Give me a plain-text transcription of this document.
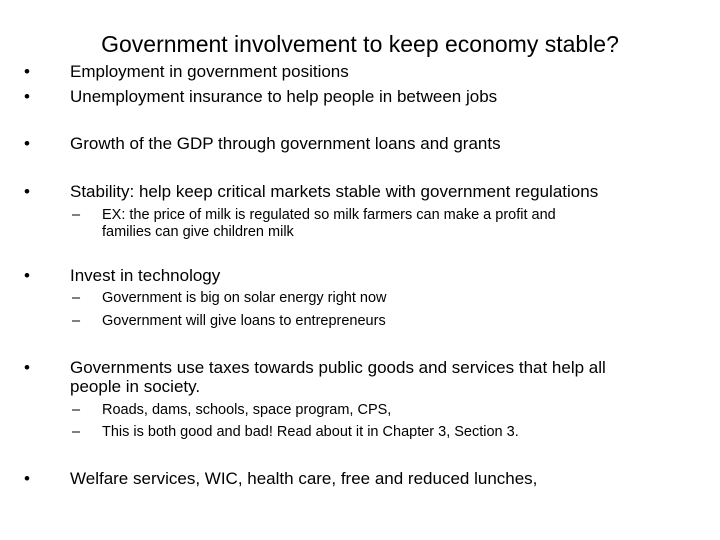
Government involvement to keep economy stable?
•	Employment in government positions
•	Unemployment insurance to help people in between jobs
•	Growth of the GDP through government loans and grants
•	Stability: help keep critical markets stable with government regulations
– EX: the price of milk is regulated so milk farmers can make a profit and
families can give children milk
•	Invest in technology
– Government is big on solar energy right now
– Government will give loans to entrepreneurs
•	Governments use taxes towards public goods and services that help all
people in society.
– Roads, dams, schools, space program, CPS,
– This is both good and bad! Read about it in Chapter 3, Section 3.
•	Welfare services, WIC, health care, free and reduced lunches,
